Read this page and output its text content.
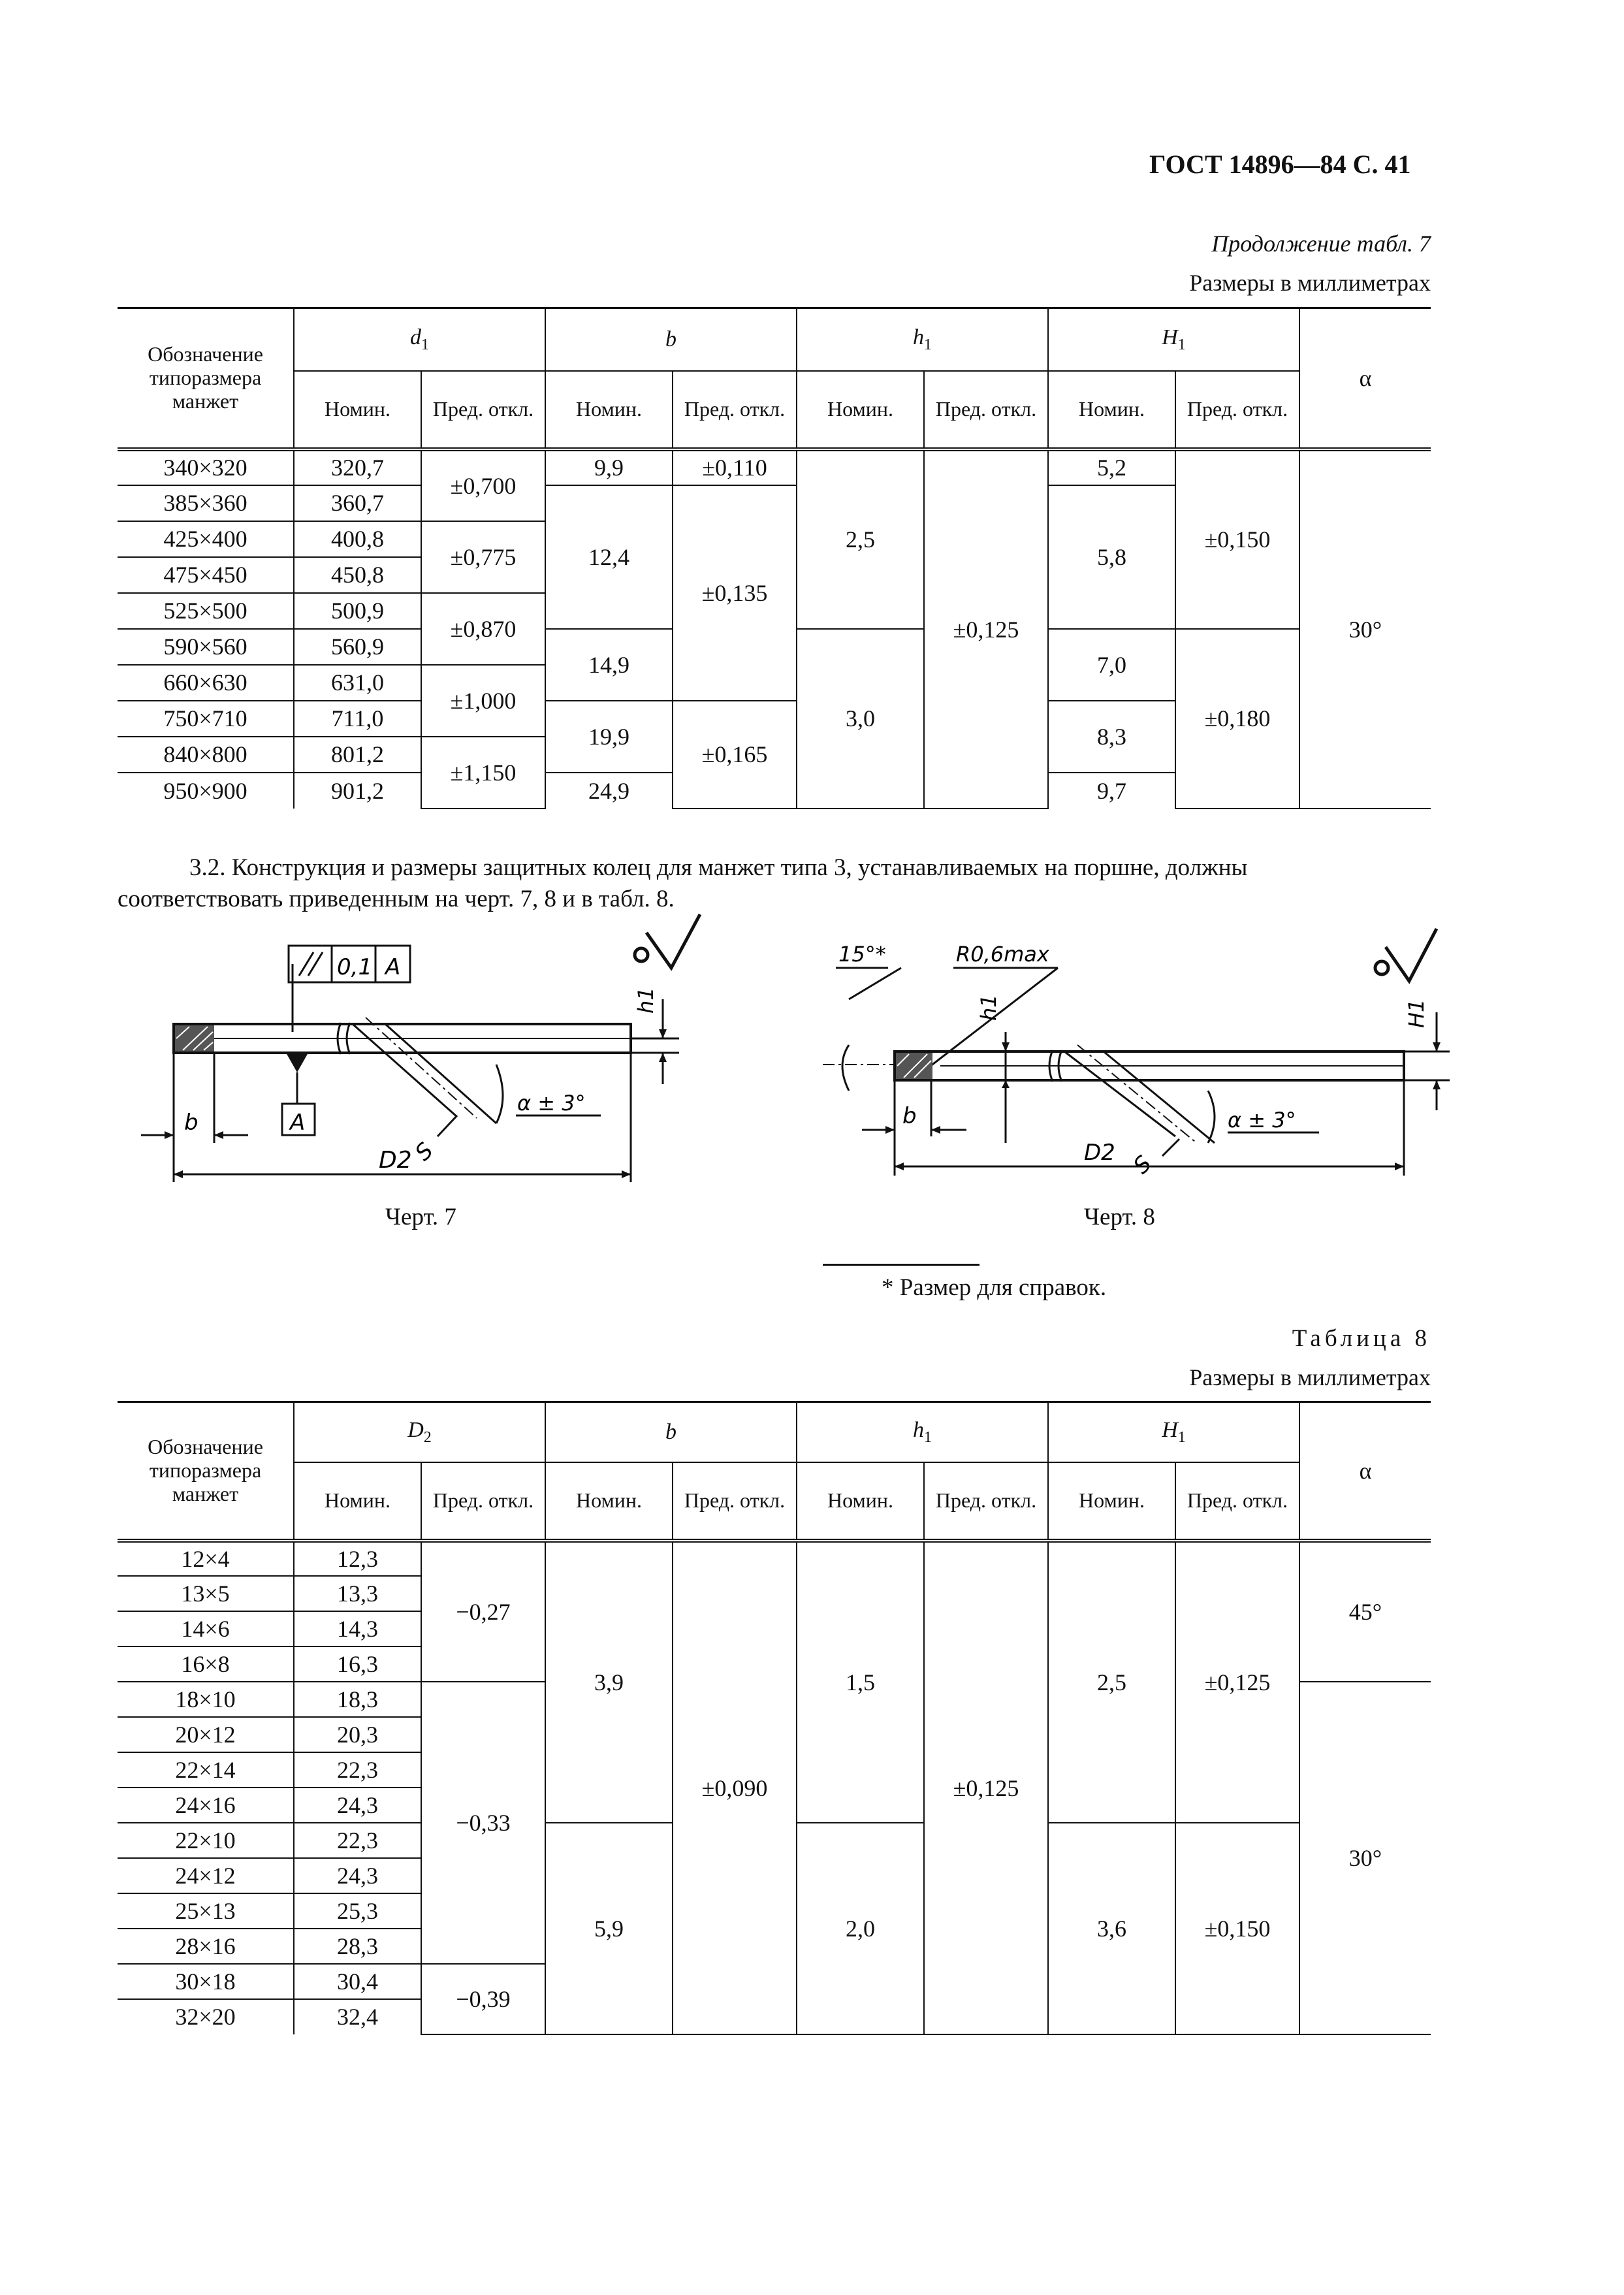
ГОСТ 14896—84 С. 41
Продолжение табл. 7
Размеры в миллиметрах
Обозначение типоразмера манжет	$d_1$		b		$h_1$		$H_1$		α
	Номин.	Пред. откл.	Номин.	Пред. откл.	Номин.	Пред. откл.	Номин.	Пред. откл.	
340×320	320,7	±0,700	9,9	±0,110	2,5	±0,125	5,2	±0,150	30°
385×360	360,7		12,4	±0,135			5,8		
425×400	400,8	±0,775							
475×450	450,8								
525×500	500,9	±0,870							
590×560	560,9		14,9		3,0		7,0	±0,180	
660×630	631,0	±1,000							
750×710	711,0		19,9	±0,165			8,3		
840×800	801,2	±1,150							
950×900	901,2		24,9				9,7		
3.2. Конструкция и размеры защитных колец для манжет типа 3, устанавливаемых на поршне, должны
соответствовать приведенным на черт. 7, 8 и в табл. 8.
0,1 A
A
S
α ± 3°
h1
b
D2
Черт. 7
15°*	R0,6max
h1
S
α ± 3°
H1
b
D2
Черт. 8
* Размер для справок.
Таблица 8
Размеры в миллиметрах
Обозначение типоразмера манжет	$D_2$		b		$h_1$		$H_1$		α
	Номин.	Пред. откл.	Номин.	Пред. откл.	Номин.	Пред. откл.	Номин.	Пред. откл.	
12×4	12,3	−0,27	3,9	±0,090	1,5	±0,125	2,5	±0,125	45°
13×5	13,3								
14×6	14,3								
16×8	16,3								
18×10	18,3	−0,33							30°
20×12	20,3								
22×14	22,3								
24×16	24,3								
22×10	22,3		5,9		2,0		3,6	±0,150	
24×12	24,3								
25×13	25,3								
28×16	28,3								
30×18	30,4	−0,39							
32×20	32,4								
